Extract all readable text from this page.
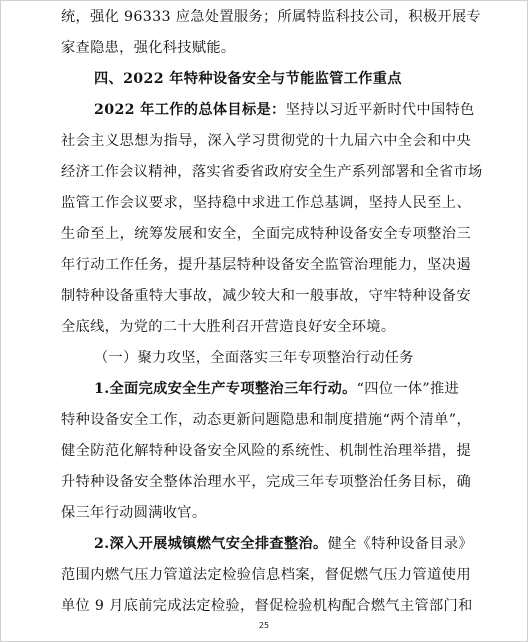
统，强化 96333 应急处置服务；所属特监科技公司，积极开展专
家查隐患，强化科技赋能。
四、2022 年特种设备安全与节能监管工作重点
2022 年工作的总体目标是：坚持以习近平新时代中国特色
社会主义思想为指导，深入学习贯彻党的十九届六中全会和中央
经济工作会议精神，落实省委省政府安全生产系列部署和全省市场
监管工作会议要求，坚持稳中求进工作总基调，坚持人民至上、
生命至上，统筹发展和安全，全面完成特种设备安全专项整治三
年行动工作任务，提升基层特种设备安全监管治理能力，坚决遏
制特种设备重特大事故，减少较大和一般事故，守牢特种设备安
全底线，为党的二十大胜利召开营造良好安全环境。
（一）聚力攻坚，全面落实三年专项整治行动任务
1.全面完成安全生产专项整治三年行动。“四位一体”推进
特种设备安全工作，动态更新问题隐患和制度措施“两个清单”，
健全防范化解特种设备安全风险的系统性、机制性治理举措，提
升特种设备安全整体治理水平，完成三年专项整治任务目标，确
保三年行动圆满收官。
2.深入开展城镇燃气安全排查整治。健全《特种设备目录》
范围内燃气压力管道法定检验信息档案，督促燃气压力管道使用
单位 9 月底前完成法定检验，督促检验机构配合燃气主管部门和
25
